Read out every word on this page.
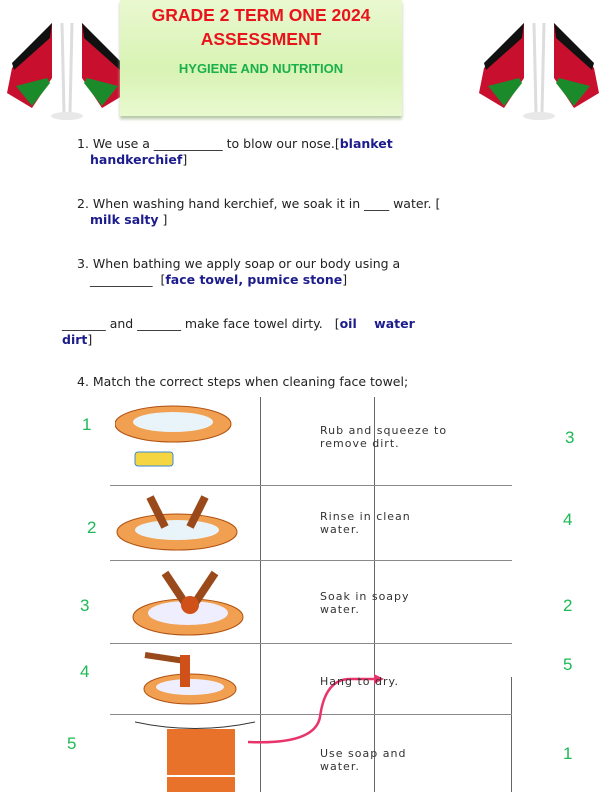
GRADE 2 TERM ONE 2024
ASSESSMENT
HYGIENE AND NUTRITION
1. We use a ___________ to blow our nose.[blanket
handkerchief]
2. When washing hand kerchief, we soak it in ____ water. [
milk salty ]
3. When bathing we apply soap or our body using a
__________  [face towel, pumice stone]
_______ and _______ make face towel dirty.   [oil    water
dirt]
4. Match the correct steps when cleaning face towel;
Rub and squeeze to remove dirt.
Rinse in clean water.
Soak in soapy water.
Hang to dry.
Use soap and water.
1
2
3
4
5
3
4
2
5
1
